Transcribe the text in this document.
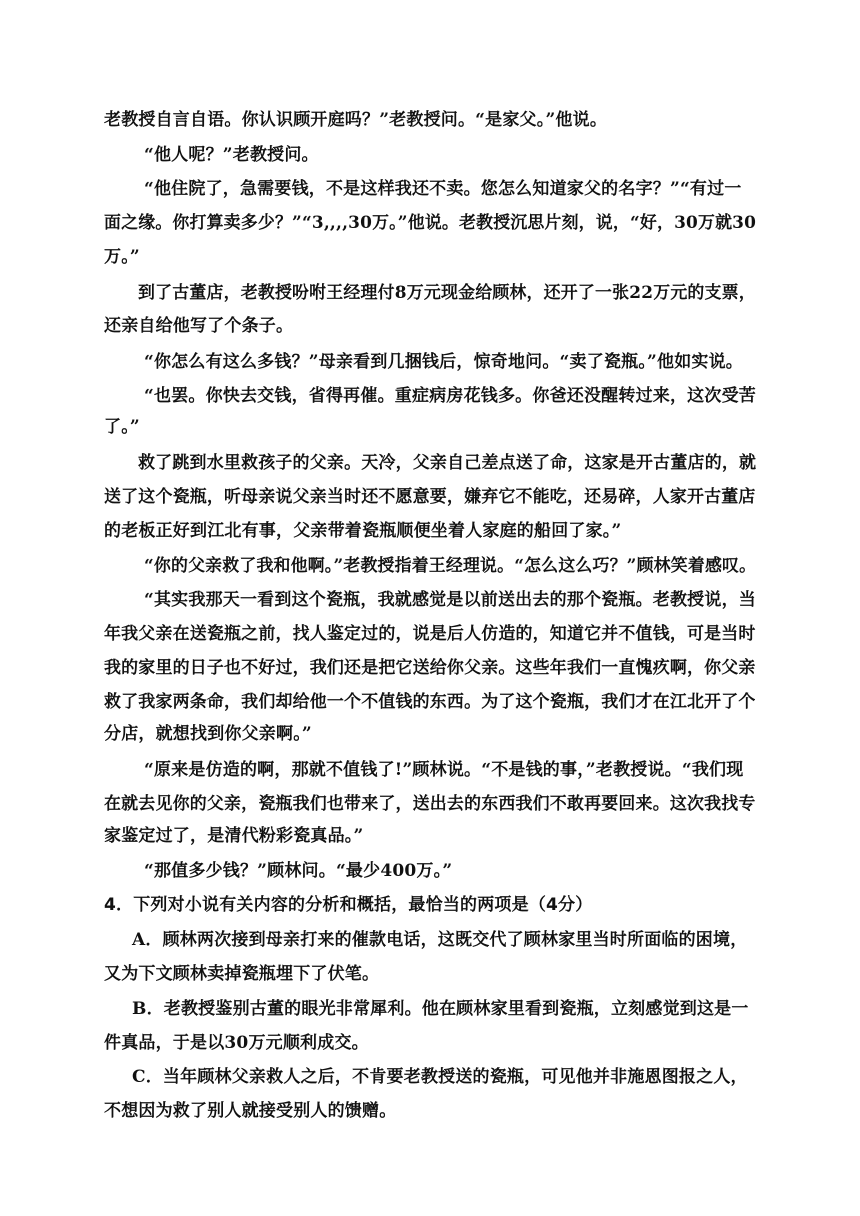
老教授自言自语。你认识顾开庭吗？”老教授问。“是家父。”他说。
“他人呢？”老教授问。
“他住院了，急需要钱，不是这样我还不卖。您怎么知道家父的名字？”“有过一
面之缘。你打算卖多少？”“3,,,,30万。”他说。老教授沉思片刻，说，“好，30万就30
万。”
到了古董店，老教授吩咐王经理付8万元现金给顾林，还开了一张22万元的支票，
还亲自给他写了个条子。
“你怎么有这么多钱？”母亲看到几捆钱后，惊奇地问。“卖了瓷瓶。”他如实说。
“也罢。你快去交钱，省得再催。重症病房花钱多。你爸还没醒转过来，这次受苦
了。”
救了跳到水里救孩子的父亲。天冷，父亲自己差点送了命，这家是开古董店的，就
送了这个瓷瓶，听母亲说父亲当时还不愿意要，嫌弃它不能吃，还易碎，人家开古董店
的老板正好到江北有事，父亲带着瓷瓶顺便坐着人家庭的船回了家。”
“你的父亲救了我和他啊。”老教授指着王经理说。“怎么这么巧？”顾林笑着感叹。
“其实我那天一看到这个瓷瓶，我就感觉是以前送出去的那个瓷瓶。老教授说，当
年我父亲在送瓷瓶之前，找人鉴定过的，说是后人仿造的，知道它并不值钱，可是当时
我的家里的日子也不好过，我们还是把它送给你父亲。这些年我们一直愧疚啊，你父亲
救了我家两条命，我们却给他一个不值钱的东西。为了这个瓷瓶，我们才在江北开了个
分店，就想找到你父亲啊。”
“原来是仿造的啊，那就不值钱了!”顾林说。“不是钱的事，”老教授说。“我们现
在就去见你的父亲，瓷瓶我们也带来了，送出去的东西我们不敢再要回来。这次我找专
家鉴定过了，是清代粉彩瓷真品。”
“那值多少钱？”顾林问。“最少400万。”
4．下列对小说有关内容的分析和概括，最恰当的两项是（4分）
A．顾林两次接到母亲打来的催款电话，这既交代了顾林家里当时所面临的困境，
又为下文顾林卖掉瓷瓶埋下了伏笔。
B．老教授鉴别古董的眼光非常犀利。他在顾林家里看到瓷瓶，立刻感觉到这是一
件真品，于是以30万元顺利成交。
C．当年顾林父亲救人之后，不肯要老教授送的瓷瓶，可见他并非施恩图报之人，
不想因为救了别人就接受别人的馈赠。
